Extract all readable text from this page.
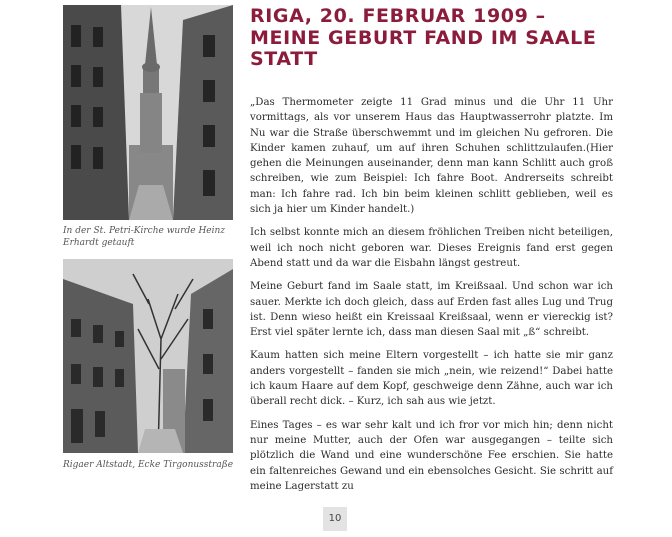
In der St. Petri-Kirche wurde Heinz Erhardt getauft
Rigaer Altstadt, Ecke Tirgonusstraße
RIGA, 20. FEBRUAR 1909 – MEINE GEBURT FAND IM SAALE STATT

„Das Thermometer zeigte 11 Grad minus und die Uhr 11 Uhr vormittags, als vor unserem Haus das Hauptwasserrohr platzte. Im Nu war die Straße überschwemmt und im gleichen Nu gefroren. Die Kinder kamen zuhauf, um auf ihren Schuhen schlittzulaufen.(Hier gehen die Meinungen auseinander, denn man kann Schlitt auch groß schreiben, wie zum Beispiel: Ich fahre Boot. Andrerseits schreibt man: Ich fahre rad. Ich bin beim kleinen schlitt geblieben, weil es sich ja hier um Kinder handelt.)

Ich selbst konnte mich an diesem fröhlichen Treiben nicht beteiligen, weil ich noch nicht geboren war. Dieses Ereignis fand erst gegen Abend statt und da war die Eisbahn längst gestreut.

Meine Geburt fand im Saale statt, im Kreißsaal. Und schon war ich sauer. Merkte ich doch gleich, dass auf Erden fast alles Lug und Trug ist. Denn wieso heißt ein Kreissaal Kreißsaal, wenn er viereckig ist? Erst viel später lernte ich, dass man diesen Saal mit „ß“ schreibt.

Kaum hatten sich meine Eltern vorgestellt – ich hatte sie mir ganz anders vorgestellt – fanden sie mich „nein, wie reizend!“ Dabei hatte ich kaum Haare auf dem Kopf, geschweige denn Zähne, auch war ich überall recht dick. – Kurz, ich sah aus wie jetzt.

Eines Tages – es war sehr kalt und ich fror vor mich hin; denn nicht nur meine Mutter, auch der Ofen war ausgegangen – teilte sich plötzlich die Wand und eine wunderschöne Fee erschien. Sie hatte ein faltenreiches Gewand und ein ebensolches Gesicht. Sie schritt auf meine Lagerstatt zu

10
